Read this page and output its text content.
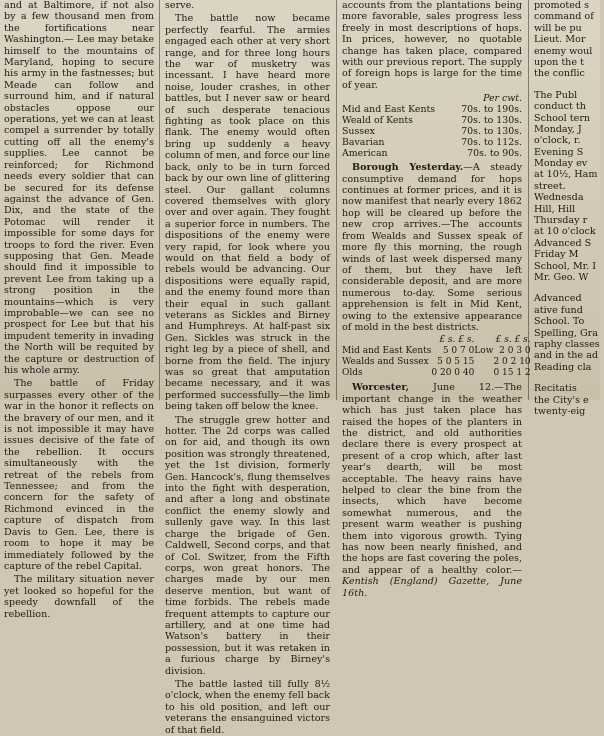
and at Baltimore, if not also by a few thousand men from the fortifications near Washington.— Lee may betake himself to the mountains of Maryland, hoping to secure his army in the fastnesses; but Meade can follow and surround him, and if natural obstacles oppose our operations, yet we can at least compel a surrender by totally cutting off all the enemy's supplies. Lee cannot be reinforced; for Richmond needs every soldier that can be secured for its defense against the advance of Gen. Dix, and the state of the Potomac will render it impossible for some days for troops to ford the river. Even supposing that Gen. Meade should find it impossible to prevent Lee from taking up a strong position in the mountains—which is very improbable—we can see no prospect for Lee but that his impudent temerity in invading the North will be requited by the capture or destruction of his whole army.

The battle of Friday surpasses every other of the war in the honor it reflects on the bravery of our men, and it is not impossible it may have issues decisive of the fate of the rebellion. It occurs simultaneously with the retreat of the rebels from Tennessee; and from the concern for the safety of Richmond evinced in the capture of dispatch from Davis to Gen. Lee, there is room to hope it may be immediately followed by the capture of the rebel Capital.

The military situation never yet looked so hopeful for the speedy downfall of the rebellion.

serve.

The battle now became perfectly fearful. The armies engaged each other at very short range, and for three long hours the war of musketry was incessant. I have heard more noise, louder crashes, in other battles, but I never saw or heard of such desperate tenacious fighting as took place on this flank. The enemy would often bring up suddenly a heavy column of men, and force our line back, only to be in turn forced back by our own line of glittering steel. Our gallant columns covered themselves with glory over and over again. They fought a superior force in numbers. The dispositions of the enemy were very rapid, for look where you would on that field a body of rebels would be advancing. Our dispositions were equally rapid, and the enemy found more than their equal in such gallant veterans as Sickles and Birney and Humphreys. At half-past six Gen. Sickles was struck in the right leg by a piece of shell, and borne from the field. The injury was so great that amputation became necessary, and it was performed successfully—the limb being taken off below the knee.

The struggle grew hotter and hotter. The 2d corps was called on for aid, and though its own position was strongly threatened, yet the 1st division, formerly Gen. Hancock's, flung themselves into the fight with desperation, and after a long and obstinate conflict the enemy slowly and sullenly gave way. In this last charge the brigade of Gen. Caldwell, Second corps, and that of Col. Switzer, from the Fifth corps, won great honors. The charges made by our men deserve mention, but want of time forbids. The rebels made frequent attempts to capture our artillery, and at one time had Watson's battery in their possession, but it was retaken in a furious charge by Birney's division.

The battle lasted till fully 8½ o'clock, when the enemy fell back to his old position, and left our veterans the ensanguined victors of that field.

accounts from the plantations being more favorable, sales progress less freely in most descriptions of hops. In prices, however, no quotable change has taken place, compared with our previous report. The supply of foreign hops is large for the time of year.

Per cwt.	
Mid and East Kents	70s. to 190s.
Weald of Kents	70s. to 130s.
Sussex	70s. to 130s.
Bavarian	70s. to 112s.
American	70s. to 90s.

Borough Yesterday.—A steady consumptive demand for hops continues at former prices, and it is now manifest that nearly every 1862 hop will be cleared up before the new crop arrives.—The accounts from Wealds and Sussex speak of more fly this morning, the rough winds of last week dispersed many of them, but they have left considerable deposit, and are more numerous to-day. Some serious apprehension is felt in Mid Kent, owing to the extensive appearance of mold in the best districts.

	£ s. £ s.		£ s. £ s.
Mid and East Kents	5 0 7 0	Low	2 0 3 0
Wealds and Sussex	5 0 5 15		2 0 2 10
Olds	0 20 0 40		0 15 1 2

Worcester, June 12.—The important change in the weather which has just taken place has raised the hopes of the planters in the district, and old authorities declare there is every prospect at present of a crop which, after last year's dearth, will be most acceptable. The heavy rains have helped to clear the bine from the insects, which have become somewhat numerous, and the present warm weather is pushing them into vigorous growth. Tying has now been nearly finished, and the hops are fast covering the poles, and appear of a healthy color.—Kentish (England) Gazette, June 16th.

promoted s
command of
will be pu
Lieut. Mor
enemy woul
upon the t
the conflic
The Publ
conduct th
School tern
Monday, J
o'clock, r.
Evening S
Monday ev
at 10½, Ham
street.
Wednesda
Hill, Hill
Thursday r
at 10 o'clock
Advanced S
Friday M
School, Mr. I
Mr. Geo. W
Advanced
ative fund
School. To
Spelling, Gra
raphy classes
and in the ad
Reading cla
Recitatis
the City's e
twenty-eig
